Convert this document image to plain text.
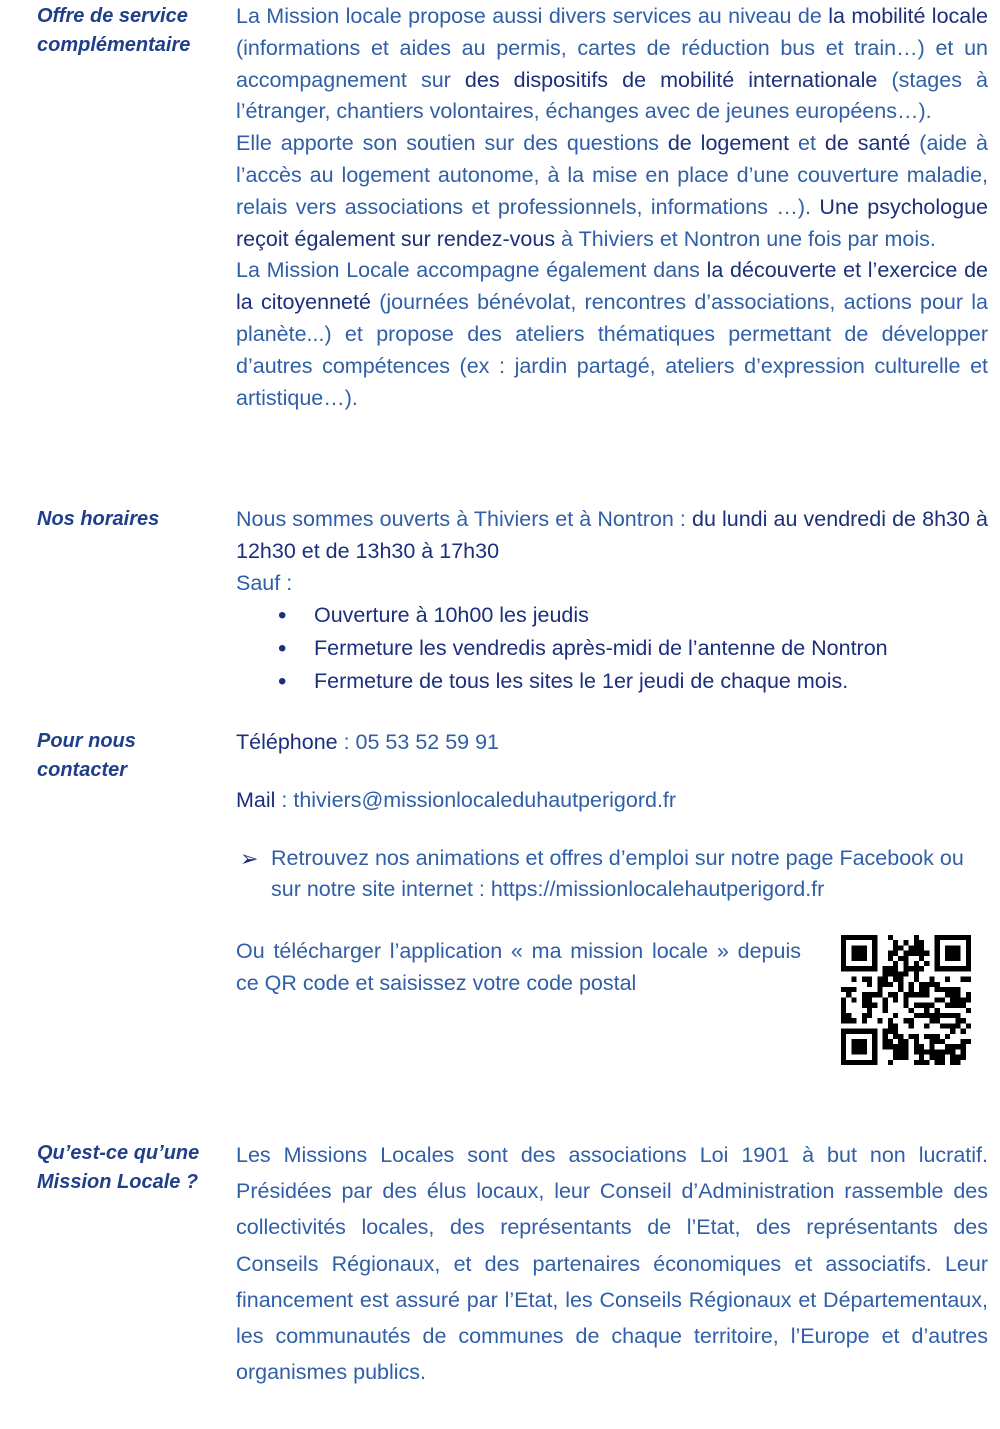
Offre de service complémentaire

La Mission locale propose aussi divers services au niveau de la mobilité locale (informations et aides au permis, cartes de réduction bus et train…) et un accompagnement sur des dispositifs de mobilité internationale (stages à l’étranger, chantiers volontaires, échanges avec de jeunes européens…).

Elle apporte son soutien sur des questions de logement et de santé (aide à l’accès au logement autonome, à la mise en place d’une couverture maladie, relais vers associations et professionnels, informations …). Une psychologue reçoit également sur rendez-vous à Thiviers et Nontron une fois par mois.

La Mission Locale accompagne également dans la découverte et l’exercice de la citoyenneté (journées bénévolat, rencontres d’associations, actions pour la planète...) et propose des ateliers thématiques permettant de développer d’autres compétences (ex : jardin partagé, ateliers d’expression culturelle et artistique…).

Nos horaires	Nous sommes ouverts à Thiviers et à Nontron : du lundi au vendredi de 8h30 à 12h30 et de 13h30 à 17h30

Sauf :

• Ouverture à 10h00 les jeudis
• Fermeture les vendredis après-midi de l’antenne de Nontron
• Fermeture de tous les sites le 1er jeudi de chaque mois.
Pour nous contacter

Téléphone : 05 53 52 59 91

Mail : thiviers@missionlocaleduhautperigord.fr

➢ Retrouvez nos animations et offres d’emploi sur notre page Facebook ou sur notre site internet : https://missionlocalehautperigord.fr

Ou télécharger l’application « ma mission locale » depuis ce QR code et saisissez votre code postal

Qu’est-ce qu’une Mission Locale ?

Les Missions Locales sont des associations Loi 1901 à but non lucratif. Présidées par des élus locaux, leur Conseil d’Administration rassemble des collectivités locales, des représentants de l’Etat, des représentants des Conseils Régionaux, et des partenaires économiques et associatifs. Leur financement est assuré par l’Etat, les Conseils Régionaux et Départementaux, les communautés de communes de chaque territoire, l’Europe et d’autres organismes publics.
